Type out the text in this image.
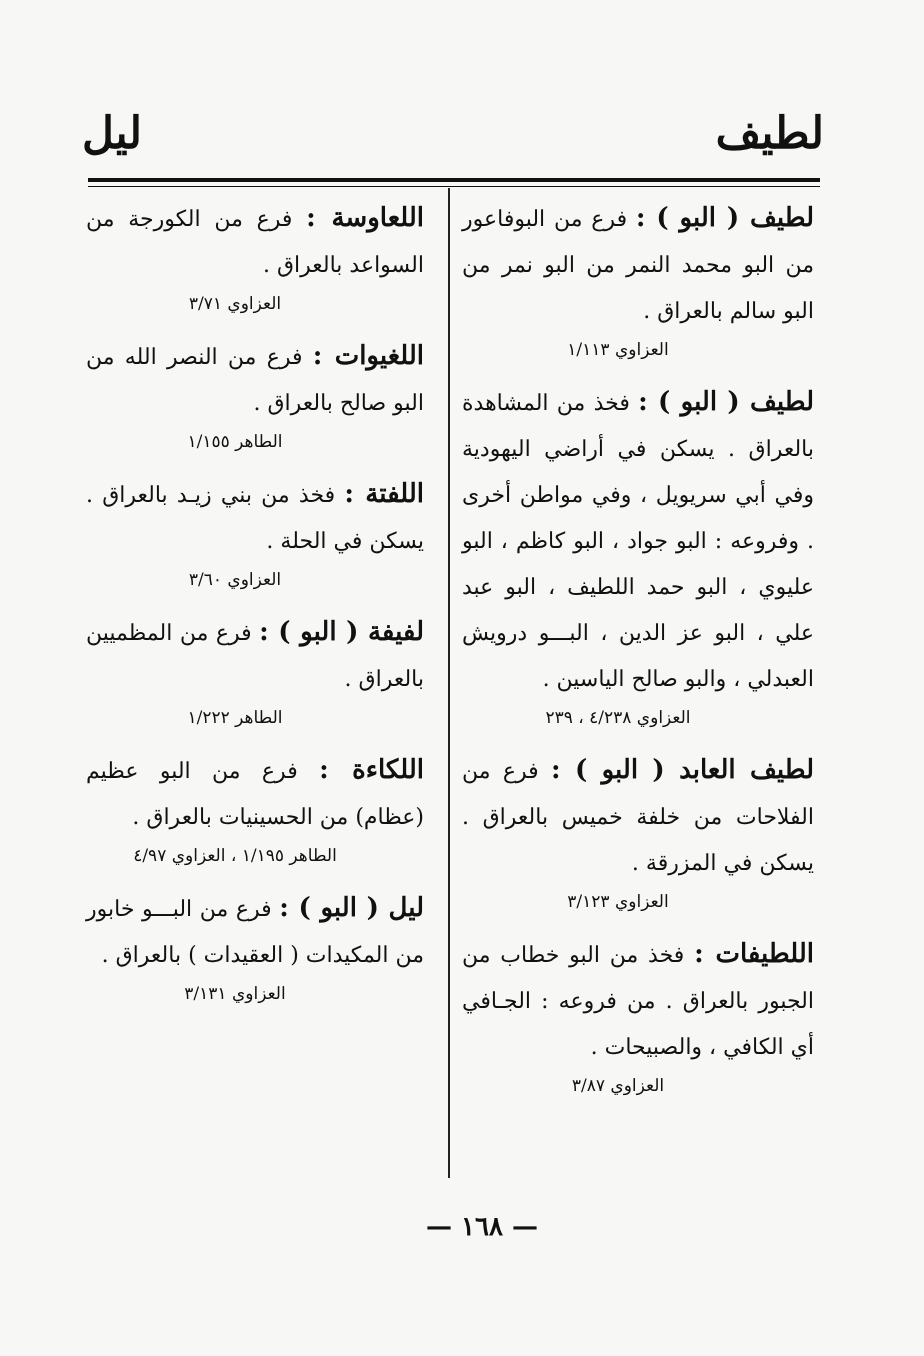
لطيف
ليل

لطيف ( البو ) : فرع من البوفاعور من البو محمد النمر من البو نمر من البو سالم بالعراق .

العزاوي ١/١١٣

لطيف ( البو ) : فخذ من المشاهدة بالعراق . يسكن في أراضي اليهودية وفي أبي سريويل ، وفي مواطن أخرى . وفروعه : البو جواد ، البو كاظم ، البو عليوي ، البو حمد اللطيف ، البو عبد علي ، البو عز الدين ، البـــو درويش العبدلي ، والبو صالح الياسين .

العزاوي ٤/٢٣٨ ، ٢٣٩

لطيف العابد ( البو ) : فرع من الفلاحات من خلفة خميس بالعراق . يسكن في المزرقة .

العزاوي ٣/١٢٣

اللطيفات : فخذ من البو خطاب من الجبور بالعراق . من فروعه : الجـافي أي الكافي ، والصبيحات .

العزاوي ٣/٨٧

اللعاوسة : فرع من الكورجة من السواعد بالعراق .

العزاوي ٣/٧١

اللغيوات : فرع من النصر الله من البو صالح بالعراق .

الطاهر ١/١٥٥

اللفتة : فخذ من بني زيـد بالعراق . يسكن في الحلة .

العزاوي ٣/٦٠

لفيفة ( البو ) : فرع من المظميين بالعراق .

الطاهر ١/٢٢٢

اللكاءة : فرع من البو عظيم (عظام) من الحسينيات بالعراق .

الطاهر ١/١٩٥ ، العزاوي ٤/٩٧

ليل ( البو ) : فرع من البـــو خابور من المكيدات ( العقيدات ) بالعراق .

العزاوي ٣/١٣١

— ١٦٨ —
